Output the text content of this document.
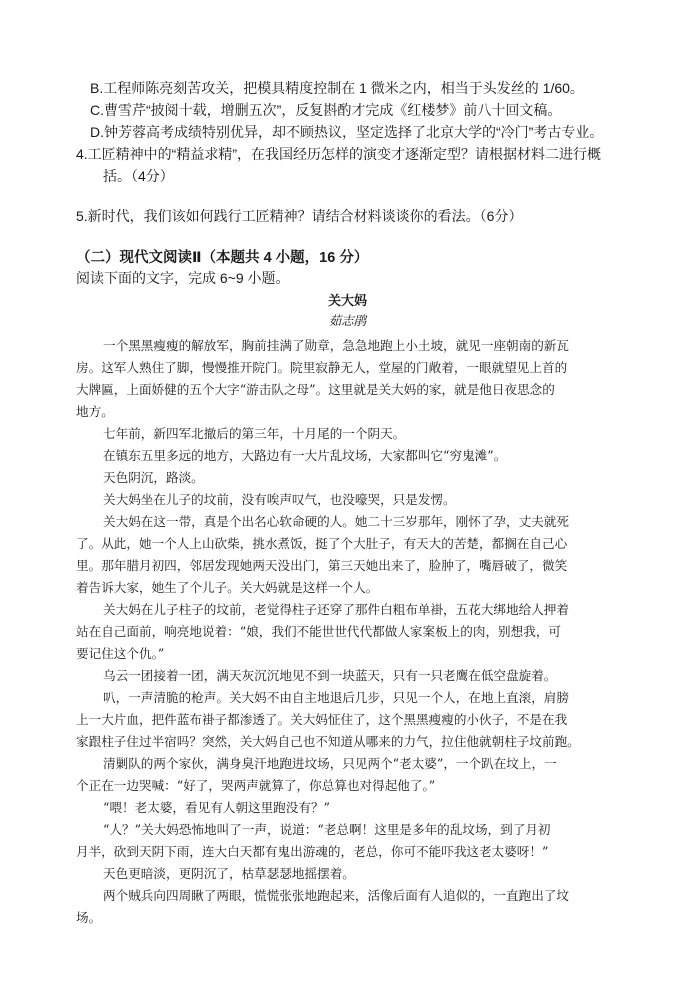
B.工程师陈亮刻苦攻关，把模具精度控制在 1 微米之内，相当于头发丝的 1/60。
C.曹雪芹“披阅十载，增删五次”，反复斟酌才完成《红楼梦》前八十回文稿。
D.钟芳蓉高考成绩特别优异，却不顾热议，坚定选择了北京大学的“冷门”考古专业。
4.工匠精神中的“精益求精”，在我国经历怎样的演变才逐渐定型？请根据材料二进行概
括。（4分）
5.新时代，我们该如何践行工匠精神？请结合材料谈谈你的看法。（6分）
（二）现代文阅读Ⅱ（本题共 4 小题，16 分）
阅读下面的文字，完成 6~9 小题。
关大妈
茹志鹃
一个黑黑瘦瘦的解放军，胸前挂满了勋章，急急地跑上小土坡，就见一座朝南的新瓦
房。这军人熟住了脚，慢慢推开院门。院里寂静无人，堂屋的门敞着，一眼就望见上首的
大牌匾，上面娇健的五个大字“游击队之母”。这里就是关大妈的家，就是他日夜思念的
地方。
七年前，新四军北撤后的第三年，十月尾的一个阴天。
在镇东五里多远的地方，大路边有一大片乱坟场，大家都叫它“穷鬼滩”。
天色阴沉，路淡。
关大妈坐在儿子的坟前，没有唉声叹气，也没嚎哭，只是发愣。
关大妈在这一带，真是个出名心软命硬的人。她二十三岁那年，刚怀了孕，丈夫就死
了。从此，她一个人上山砍柴，挑水煮饭，挺了个大肚子，有天大的苦楚，都搁在自己心
里。那年腊月初四，邻居发现她两天没出门，第三天她出来了，脸肿了，嘴唇破了，微笑
着告诉大家，她生了个儿子。关大妈就是这样一个人。
关大妈在儿子柱子的坟前，老觉得柱子还穿了那件白粗布单褂，五花大绑地给人押着
站在自己面前，响亮地说着：“娘，我们不能世世代代都做人家案板上的肉，别想我，可
要记住这个仇。”
乌云一团接着一团，满天灰沉沉地见不到一块蓝天，只有一只老鹰在低空盘旋着。
叭，一声清脆的枪声。关大妈不由自主地退后几步，只见一个人，在地上直滚，肩膀
上一大片血，把件蓝布褂子都渗透了。关大妈怔住了，这个黑黑瘦瘦的小伙子，不是在我
家跟柱子住过半宿吗？突然，关大妈自己也不知道从哪来的力气，拉住他就朝柱子坟前跑。
清剿队的两个家伙，满身臭汗地跑进坟场，只见两个“老太婆”，一个趴在坟上，一
个正在一边哭喊：“好了，哭两声就算了，你总算也对得起他了。”
“喂！老太婆，看见有人朝这里跑没有？”
“人？”关大妈恐怖地叫了一声，说道：“老总啊！这里是多年的乱坟场，到了月初
月半，砍到天阴下雨，连大白天都有鬼出游魂的，老总，你可不能吓我这老太婆呀！”
天色更暗淡，更阴沉了，枯草瑟瑟地摇摆着。
两个贼兵向四周瞅了两眼，慌慌张张地跑起来，活像后面有人追似的，一直跑出了坟
场。
